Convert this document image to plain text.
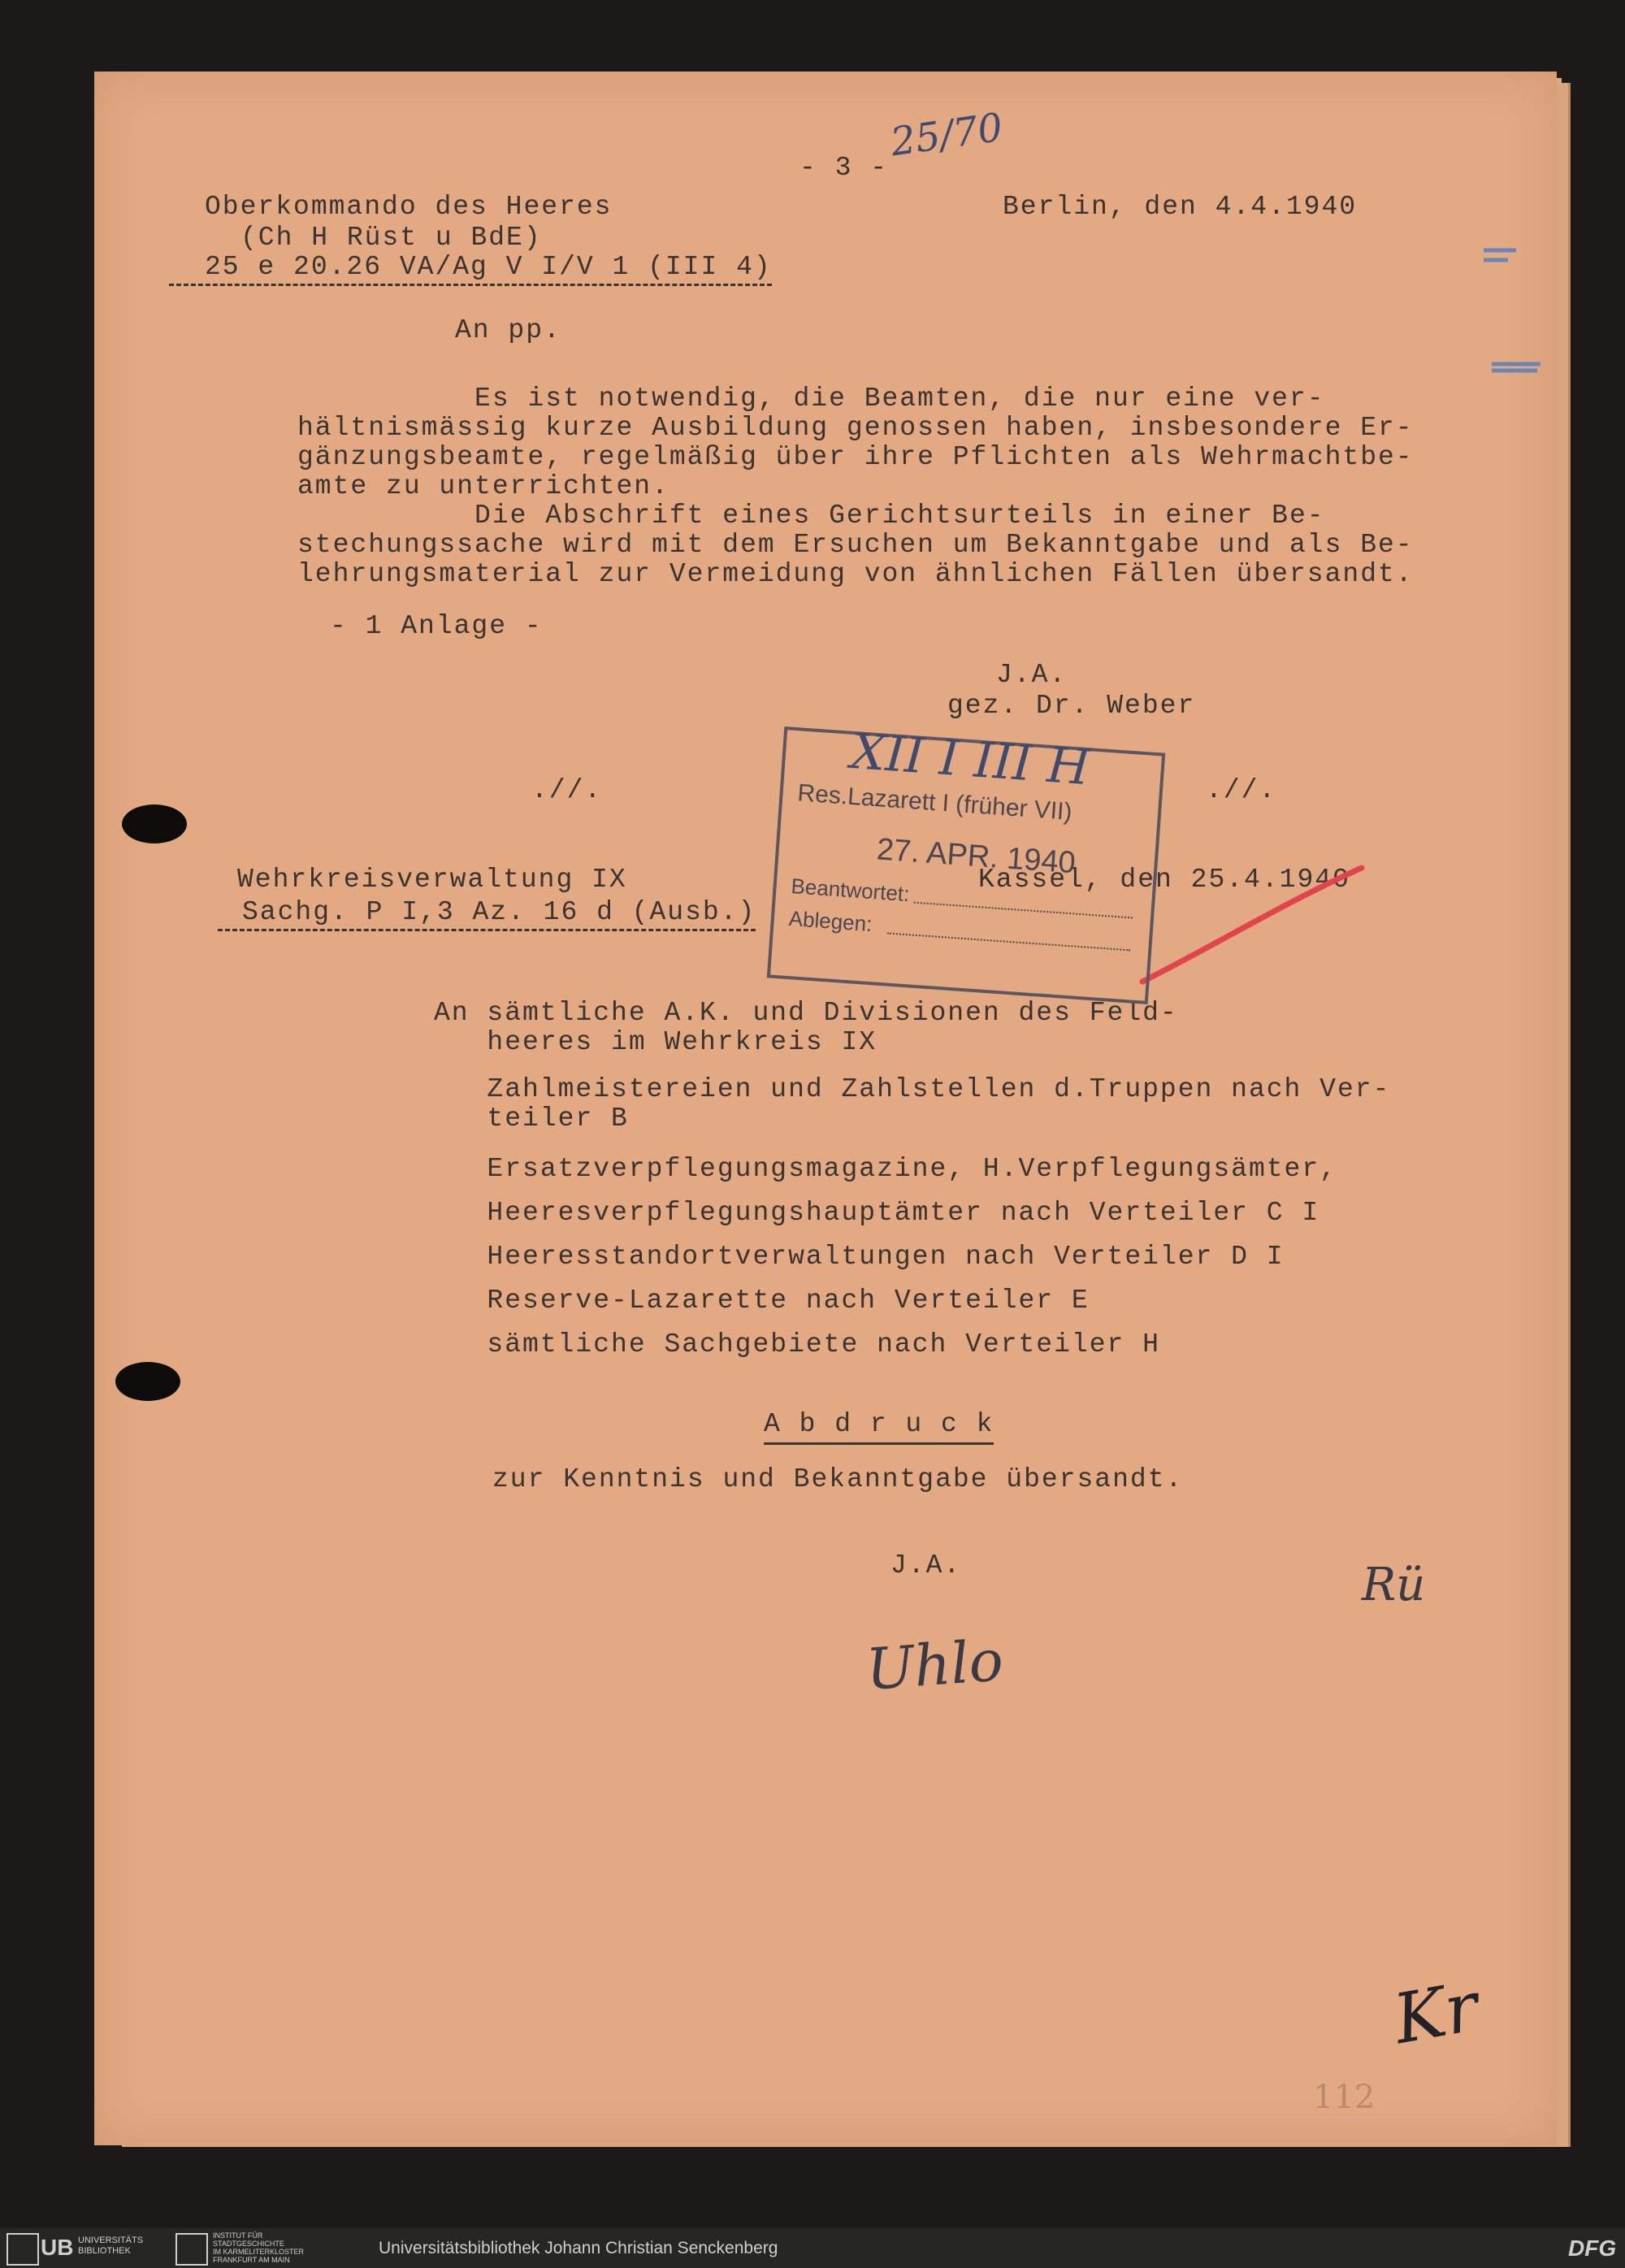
25/70
- 3 -
Oberkommando des Heeres
(Ch H Rüst u BdE)
25 e 20.26 VA/Ag V I/V 1 (III 4)
Berlin, den 4.4.1940
An pp.
Es ist notwendig, die Beamten, die nur eine ver-
hältnismässig kurze Ausbildung genossen haben, insbesondere Er-
gänzungsbeamte, regelmäßig über ihre Pflichten als Wehrmachtbe-
amte zu unterrichten.
Die Abschrift eines Gerichtsurteils in einer Be-
stechungssache wird mit dem Ersuchen um Bekanntgabe und als Be-
lehrungsmaterial zur Vermeidung von ähnlichen Fällen übersandt.
- 1 Anlage -
J.A.
gez. Dr. Weber
.//.	.//.
Wehrkreisverwaltung IX
Sachg. P I,3 Az. 16 d (Ausb.)
Kassel, den 25.4.1940
An sämtliche A.K. und Divisionen des Feld-
heeres im Wehrkreis IX
Zahlmeistereien und Zahlstellen d.Truppen nach Ver-
teiler B
Ersatzverpflegungsmagazine, H.Verpflegungsämter,
Heeresverpflegungshauptämter nach Verteiler C I
Heeresstandortverwaltungen nach Verteiler D I
Reserve-Lazarette nach Verteiler E
sämtliche Sachgebiete nach Verteiler H
A b d r u c k
zur Kenntnis und Bekanntgabe übersandt.
J.A.
Uhlo
Rü
Kr
112
XII I III H
Res.Lazarett I (früher VII)
27. APR. 1940
Beantwortet:
Ablegen:
UB UNIVERSITÄTS
BIBLIOTHEK
INSTITUT FÜR
STADTGESCHICHTE
IM KARMELITERKLOSTER
FRANKFURT AM MAIN
Universitätsbibliothek Johann Christian Senckenberg	DFG
